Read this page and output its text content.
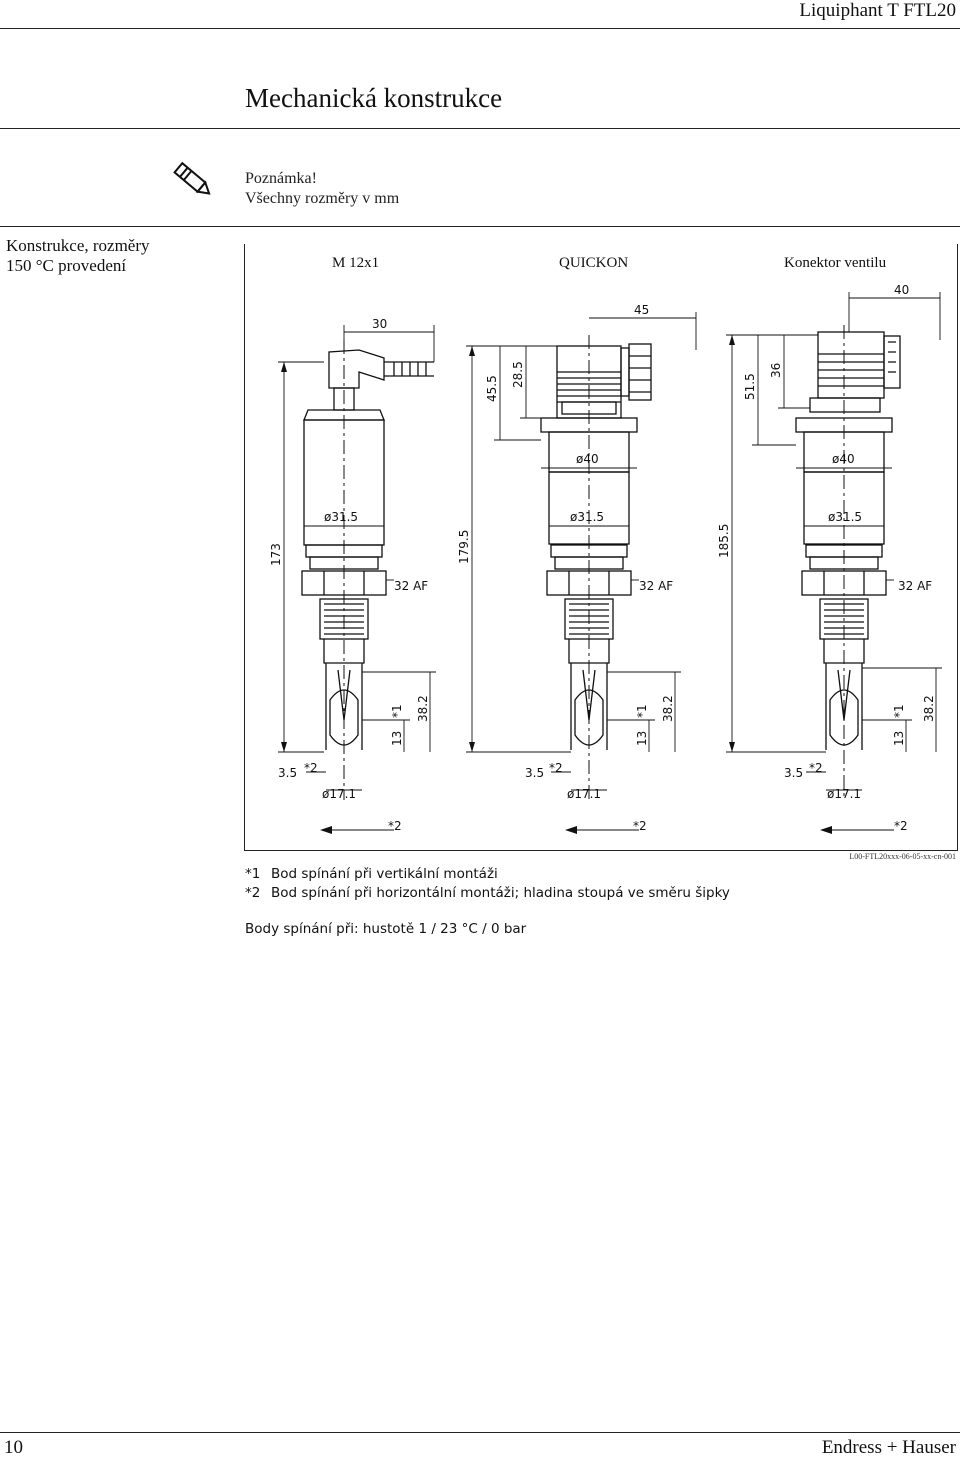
Liquiphant T FTL20
Mechanická konstrukce
Poznámka!
Všechny rozměry v mm
Konstrukce, rozměry
150 °C provedení	M 12x1	QUICKON	Konektor ventilu
30
45
40
45.5
28.5	51.5
36
173	179.5	185.5
ø40	ø40
ø31.5	ø31.5	ø31.5
32 AF	32 AF	32 AF
38.2	38.2	38.2
13	13	13
*1	*1	*1
3.5	3.5	3.5
*2	*2	*2
ø17.1	ø17.1	ø17.1
*2	*2	*2
L00-FTL20xxx-06-05-xx-cn-001
*1 Bod spínání při vertikální montáži
*2 Bod spínání při horizontální montáži; hladina stoupá ve směru šipky
Body spínání při: hustotě 1 / 23 °C / 0 bar
10	Endress + Hauser
